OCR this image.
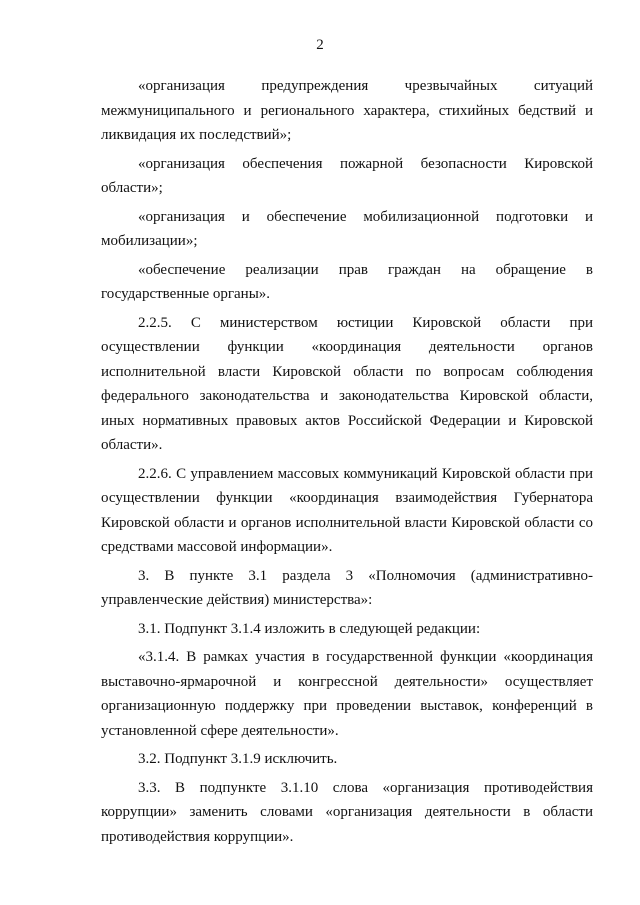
2

«организация предупреждения чрезвычайных ситуаций межмуниципального и регионального характера, стихийных бедствий и ликвидация их последствий»;

«организация обеспечения пожарной безопасности Кировской области»;

«организация и обеспечение мобилизационной подготовки и мобилизации»;

«обеспечение реализации прав граждан на обращение в государственные органы».

2.2.5. С министерством юстиции Кировской области при осуществлении функции «координация деятельности органов исполнительной власти Кировской области по вопросам соблюдения федерального законодательства и законодательства Кировской области, иных нормативных правовых актов Российской Федерации и Кировской области».

2.2.6. С управлением массовых коммуникаций Кировской области при осуществлении функции «координация взаимодействия Губернатора Кировской области и органов исполнительной власти Кировской области со средствами массовой информации».

3. В пункте 3.1 раздела 3 «Полномочия (административно-управленческие действия) министерства»:

3.1. Подпункт 3.1.4 изложить в следующей редакции:

«3.1.4. В рамках участия в государственной функции «координация выставочно-ярмарочной и конгрессной деятельности» осуществляет организационную поддержку при проведении выставок, конференций в установленной сфере деятельности».

3.2. Подпункт 3.1.9 исключить.

3.3. В подпункте 3.1.10 слова «организация противодействия коррупции» заменить словами «организация деятельности в области противодействия коррупции».
